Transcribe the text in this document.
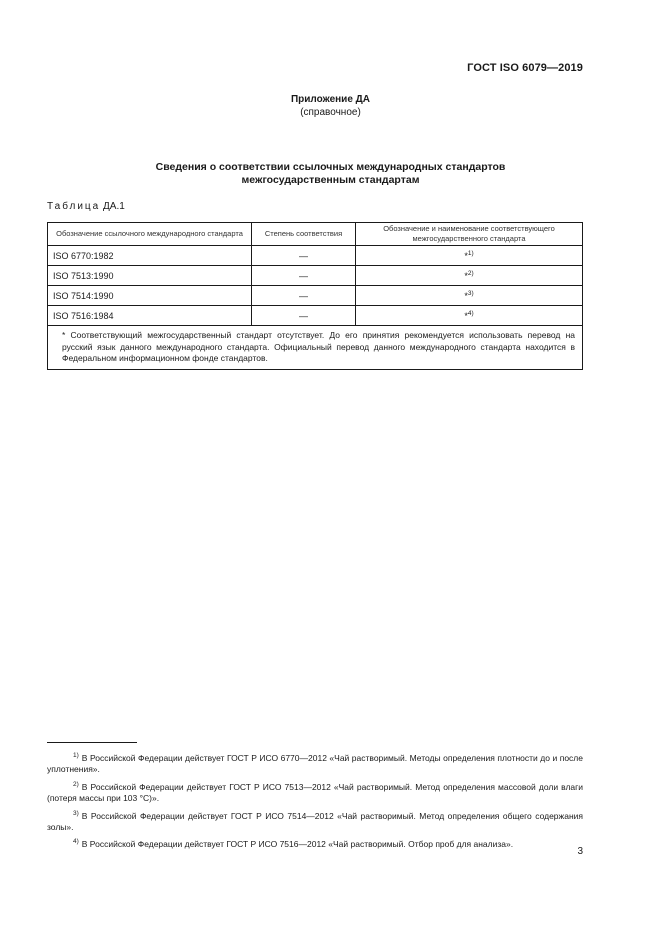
ГОСТ ISO 6079—2019
Приложение ДА
(справочное)
Сведения о соответствии ссылочных международных стандартов
межгосударственным стандартам
Таблица ДА.1
Обозначение ссылочного международного стандарта	Степень соответствия	Обозначение и наименование соответствующего межгосударственного стандарта
ISO 6770:1982	—	*$^{1)}$
ISO 7513:1990	—	*$^{2)}$
ISO 7514:1990	—	*$^{3)}$
ISO 7516:1984	—	*$^{4)}$
* Соответствующий межгосударственный стандарт отсутствует. До его принятия рекомендуется использовать перевод на русский язык данного международного стандарта. Официальный перевод данного международного стандарта находится в Федеральном информационном фонде стандартов.		
$^{1)}$ В Российской Федерации действует ГОСТ Р ИСО 6770—2012 «Чай растворимый. Методы определения плотности до и после уплотнения».
$^{2)}$ В Российской Федерации действует ГОСТ Р ИСО 7513—2012 «Чай растворимый. Метод определения массовой доли влаги (потеря массы при 103 °С)».
$^{3)}$ В Российской Федерации действует ГОСТ Р ИСО 7514—2012 «Чай растворимый. Метод определения общего содержания золы».
$^{4)}$ В Российской Федерации действует ГОСТ Р ИСО 7516—2012 «Чай растворимый. Отбор проб для анализа».
3
